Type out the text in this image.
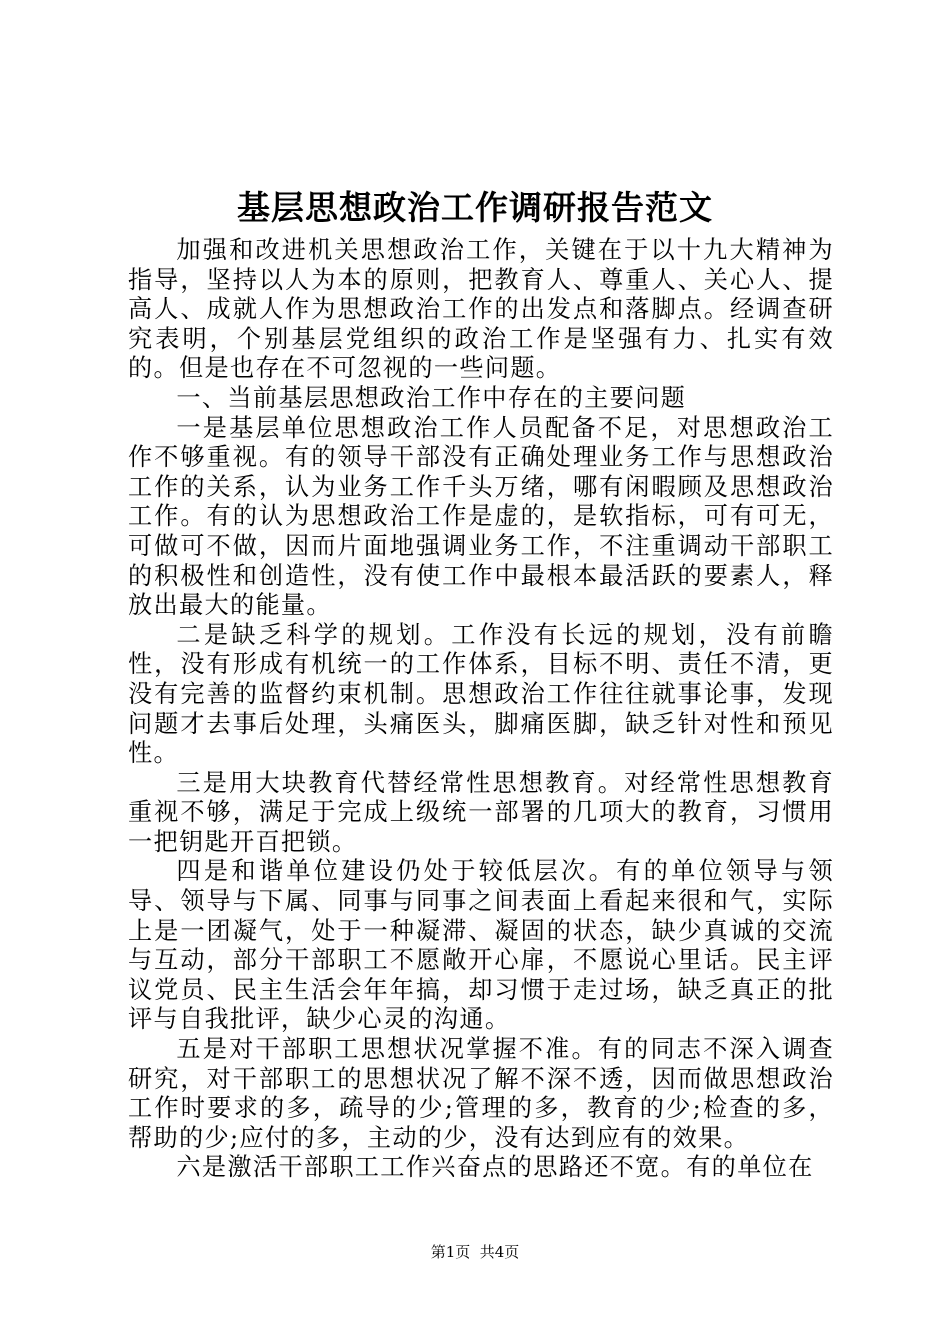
基层思想政治工作调研报告范文

加强和改进机关思想政治工作，关键在于以十九大精神为指导，坚持以人为本的原则，把教育人、尊重人、关心人、提高人、成就人作为思想政治工作的出发点和落脚点。经调查研究表明，个别基层党组织的政治工作是坚强有力、扎实有效的。但是也存在不可忽视的一些问题。

一、当前基层思想政治工作中存在的主要问题

一是基层单位思想政治工作人员配备不足，对思想政治工作不够重视。有的领导干部没有正确处理业务工作与思想政治工作的关系，认为业务工作千头万绪，哪有闲暇顾及思想政治工作。有的认为思想政治工作是虚的，是软指标，可有可无，可做可不做，因而片面地强调业务工作，不注重调动干部职工的积极性和创造性，没有使工作中最根本最活跃的要素人，释放出最大的能量。

二是缺乏科学的规划。工作没有长远的规划，没有前瞻性，没有形成有机统一的工作体系，目标不明、责任不清，更没有完善的监督约束机制。思想政治工作往往就事论事，发现问题才去事后处理，头痛医头，脚痛医脚，缺乏针对性和预见性。

三是用大块教育代替经常性思想教育。对经常性思想教育重视不够，满足于完成上级统一部署的几项大的教育，习惯用一把钥匙开百把锁。

四是和谐单位建设仍处于较低层次。有的单位领导与领导、领导与下属、同事与同事之间表面上看起来很和气，实际上是一团凝气，处于一种凝滞、凝固的状态，缺少真诚的交流与互动，部分干部职工不愿敞开心扉，不愿说心里话。民主评议党员、民主生活会年年搞，却习惯于走过场，缺乏真正的批评与自我批评，缺少心灵的沟通。

五是对干部职工思想状况掌握不准。有的同志不深入调查研究，对干部职工的思想状况了解不深不透，因而做思想政治工作时要求的多，疏导的少;管理的多，教育的少;检查的多，帮助的少;应付的多，主动的少，没有达到应有的效果。

六是激活干部职工工作兴奋点的思路还不宽。有的单位在

第1页  共4页
